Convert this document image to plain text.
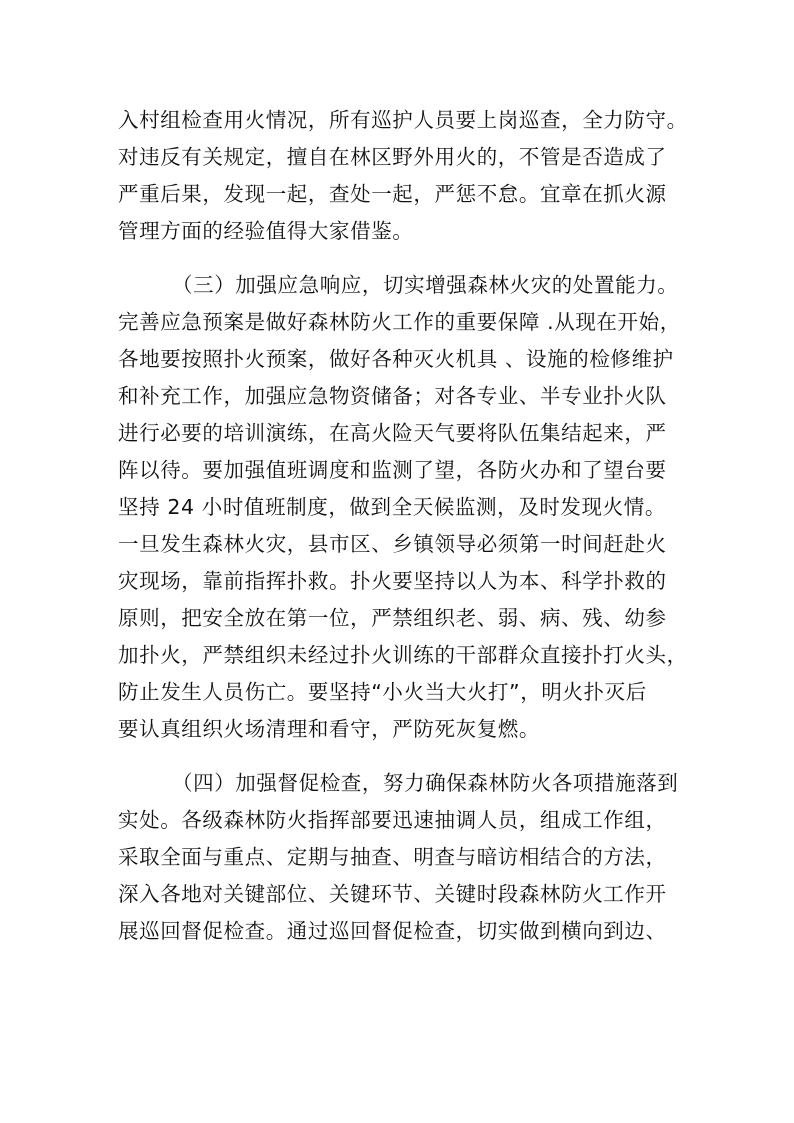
入村组检查用火情况，所有巡护人员要上岗巡查，全力防守。
对违反有关规定，擅自在林区野外用火的，不管是否造成了
严重后果，发现一起，查处一起，严惩不怠。宜章在抓火源
管理方面的经验值得大家借鉴。
（三）加强应急响应，切实增强森林火灾的处置能力。
完善应急预案是做好森林防火工作的重要保障 .从现在开始，
各地要按照扑火预案，做好各种灭火机具 、设施的检修维护
和补充工作，加强应急物资储备；对各专业、半专业扑火队
进行必要的培训演练，在高火险天气要将队伍集结起来，严
阵以待。要加强值班调度和监测了望，各防火办和了望台要
坚持 24 小时值班制度，做到全天候监测，及时发现火情。
一旦发生森林火灾，县市区、乡镇领导必须第一时间赶赴火
灾现场，靠前指挥扑救。扑火要坚持以人为本、科学扑救的
原则，把安全放在第一位，严禁组织老、弱、病、残、幼参
加扑火，严禁组织未经过扑火训练的干部群众直接扑打火头，
防止发生人员伤亡。要坚持“小火当大火打”，明火扑灭后
要认真组织火场清理和看守，严防死灰复燃。
（四）加强督促检查，努力确保森林防火各项措施落到
实处。各级森林防火指挥部要迅速抽调人员，组成工作组，
采取全面与重点、定期与抽查、明查与暗访相结合的方法，
深入各地对关键部位、关键环节、关键时段森林防火工作开
展巡回督促检查。通过巡回督促检查，切实做到横向到边、
